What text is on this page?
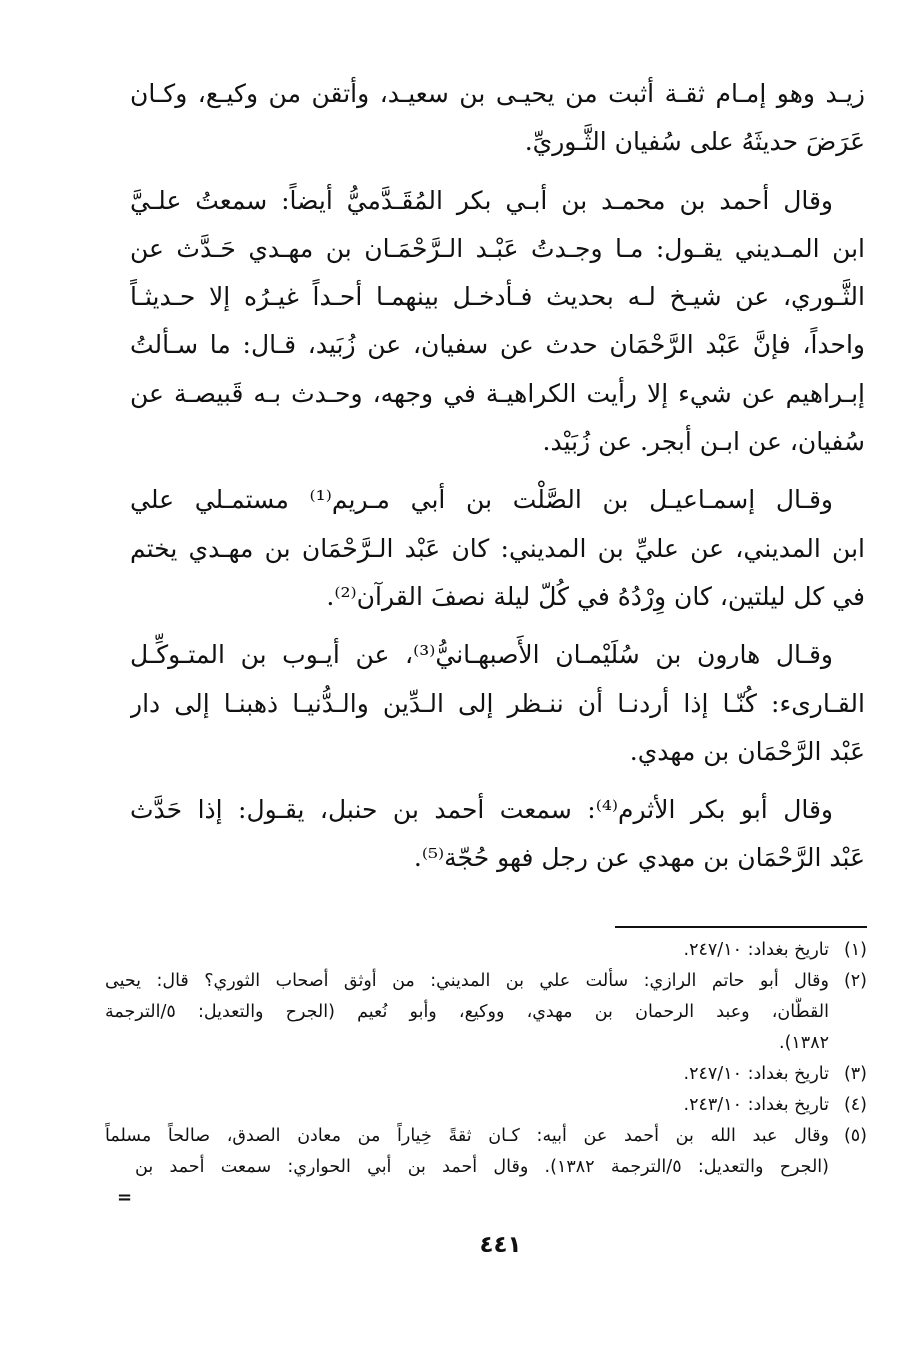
زيـد وهو إمـام ثقـة أثبت من يحيـى بن سعيـد، وأتقن من وكيـع، وكـان
عَرَضَ حديثَهُ على سُفيان الثَّـوريِّ.
وقال أحمد بن محمـد بن أبـي بكر المُقَـدَّميُّ أيضاً: سمعتُ علـيَّ
ابن المـديني يقـول: مـا وجـدتُ عَبْـد الـرَّحْمَـان بن مهـدي حَـدَّث عن
الثَّـوري، عن شيـخ لـه بحديث فـأدخـل بينهمـا أحـداً غيـرُه إلا حـديثـاً
واحداً، فإنَّ عَبْد الرَّحْمَان حدث عن سفيان، عن زُبَيد، قـال: ما سـألتُ
إبـراهيم عن شيء إلا رأيت الكراهيـة في وجهه، وحـدث بـه قَبيصـة عن
سُفيان، عن ابـن أبجر. عن زُبَيْد.
وقـال إسمـاعيـل بن الصَّلْت بن أبي مـريم⁽¹⁾ مستمـلي علي
ابن المديني، عن عليِّ بن المديني: كان عَبْد الـرَّحْمَان بن مهـدي يختم
في كل ليلتين، كان وِرْدُهُ في كُلّ ليلة نصفَ القرآن⁽²⁾.
وقـال هارون بن سُلَيْمـان الأَصبهـانيُّ⁽³⁾، عن أيـوب بن المتـوكِّـل
القـارىء: كُنّـا إذا أردنـا أن ننـظر إلى الـدِّين والـدُّنيـا ذهبنـا إلى دار
عَبْد الرَّحْمَان بن مهدي.
وقال أبو بكر الأثرم⁽⁴⁾: سمعت أحمد بن حنبل، يقـول: إذا حَدَّث
عَبْد الرَّحْمَان بن مهدي عن رجل فهو حُجّة⁽⁵⁾.
(١)
تاريخ بغداد: ٢٤٧/١٠.
(٢)
وقال أبو حاتم الرازي: سألت علي بن المديني: من أوثق أصحاب الثوري؟ قال: يحيى
القطَّان، وعبد الرحمان بن مهدي، ووكيع، وأبو نُعيم (الجرح والتعديل: ٥/الترجمة
١٣٨٢).
(٣)
تاريخ بغداد: ٢٤٧/١٠.
(٤)
تاريخ بغداد: ٢٤٣/١٠.
(٥)
وقال عبد الله بن أحمد عن أبيه: كـان ثقةً خِياراً من معادن الصدق، صالحاً مسلماً
(الجرح والتعديل: ٥/الترجمة ١٣٨٢). وقال أحمد بن أبي الحواري: سمعت أحمد بن
=
٤٤١
